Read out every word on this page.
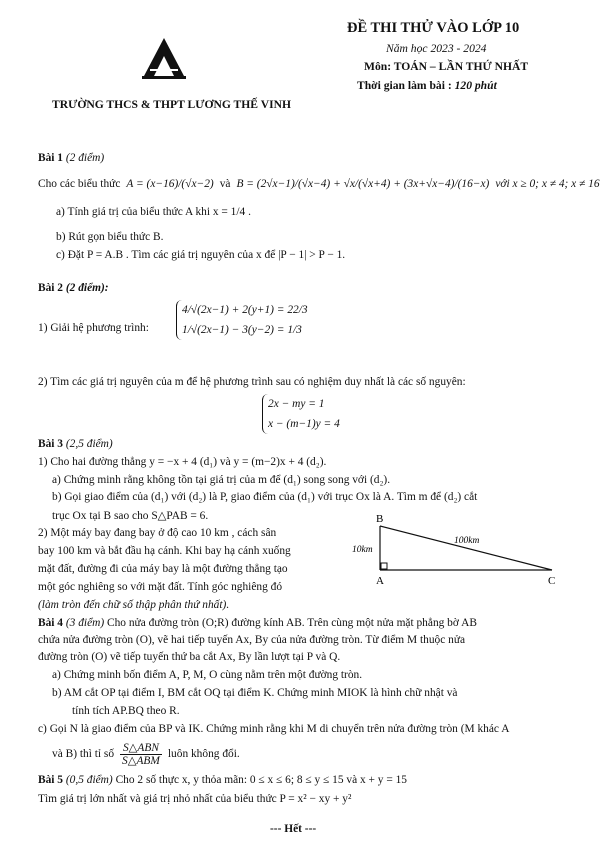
TRƯỜNG THCS & THPT LƯƠNG THẾ VINH
ĐỀ THI THỬ VÀO LỚP 10
Năm học 2023 - 2024
Môn: TOÁN – LẦN THỨ NHẤT
Thời gian làm bài : 120 phút
Bài 1 (2 điểm)
Cho các biểu thức A = (x−16)/(√x−2) và B = (2√x−1)/(√x−4) + √x/(√x+4) + (3x+√x−4)/(16−x) với x ≥ 0; x ≠ 4; x ≠ 16
a) Tính giá trị của biểu thức A khi x = 1/4 .
b) Rút gọn biểu thức B.
c) Đặt P = A.B . Tìm các giá trị nguyên của x để |P − 1| > P − 1.
Bài 2 (2 điểm):
1) Giải hệ phương trình:
4/√(2x−1) + 2(y+1) = 22/3
1/√(2x−1) − 3(y−2) = 1/3
2) Tìm các giá trị nguyên của m để hệ phương trình sau có nghiệm duy nhất là các số nguyên:
2x − my = 1
x − (m−1)y = 4
Bài 3 (2,5 điểm)
1) Cho hai đường thẳng y = −x + 4 (d₁) và y = (m−2)x + 4 (d₂).
a) Chứng minh rằng không tồn tại giá trị của m để (d₁) song song với (d₂).
b) Gọi giao điểm của (d₁) với (d₂) là P, giao điểm của (d₁) với trục Ox là A. Tìm m để (d₂) cắt
trục Ox tại B sao cho S△PAB = 6.
2) Một máy bay đang bay ở độ cao 10 km , cách sân
bay 100 km và bắt đầu hạ cánh. Khi bay hạ cánh xuống
mặt đất, đường đi của máy bay là một đường thẳng tạo
một góc nghiêng so với mặt đất. Tính góc nghiêng đó
(làm tròn đến chữ số thập phân thứ nhất).
B
A	C
10km
100km
Bài 4 (3 điểm) Cho nửa đường tròn (O;R) đường kính AB. Trên cùng một nửa mặt phẳng bờ AB
chứa nửa đường tròn (O), vẽ hai tiếp tuyến Ax, By của nửa đường tròn. Từ điểm M thuộc nửa
đường tròn (O) vẽ tiếp tuyến thứ ba cắt Ax, By lần lượt tại P và Q.
a) Chứng minh bốn điểm A, P, M, O cùng nằm trên một đường tròn.
b) AM cắt OP tại điểm I, BM cắt OQ tại điểm K. Chứng minh MIOK là hình chữ nhật và
tính tích AP.BQ theo R.
c) Gọi N là giao điểm của BP và IK. Chứng minh rằng khi M di chuyển trên nửa đường tròn (M khác A
và B) thì tỉ số $\frac{\text{S△ABN}}{\text{S△ABM}}$ luôn không đổi.
Bài 5 (0,5 điểm) Cho 2 số thực x, y thỏa mãn: 0 ≤ x ≤ 6; 8 ≤ y ≤ 15 và x + y = 15
Tìm giá trị lớn nhất và giá trị nhỏ nhất của biểu thức P = x² − xy + y²
--- Hết ---
